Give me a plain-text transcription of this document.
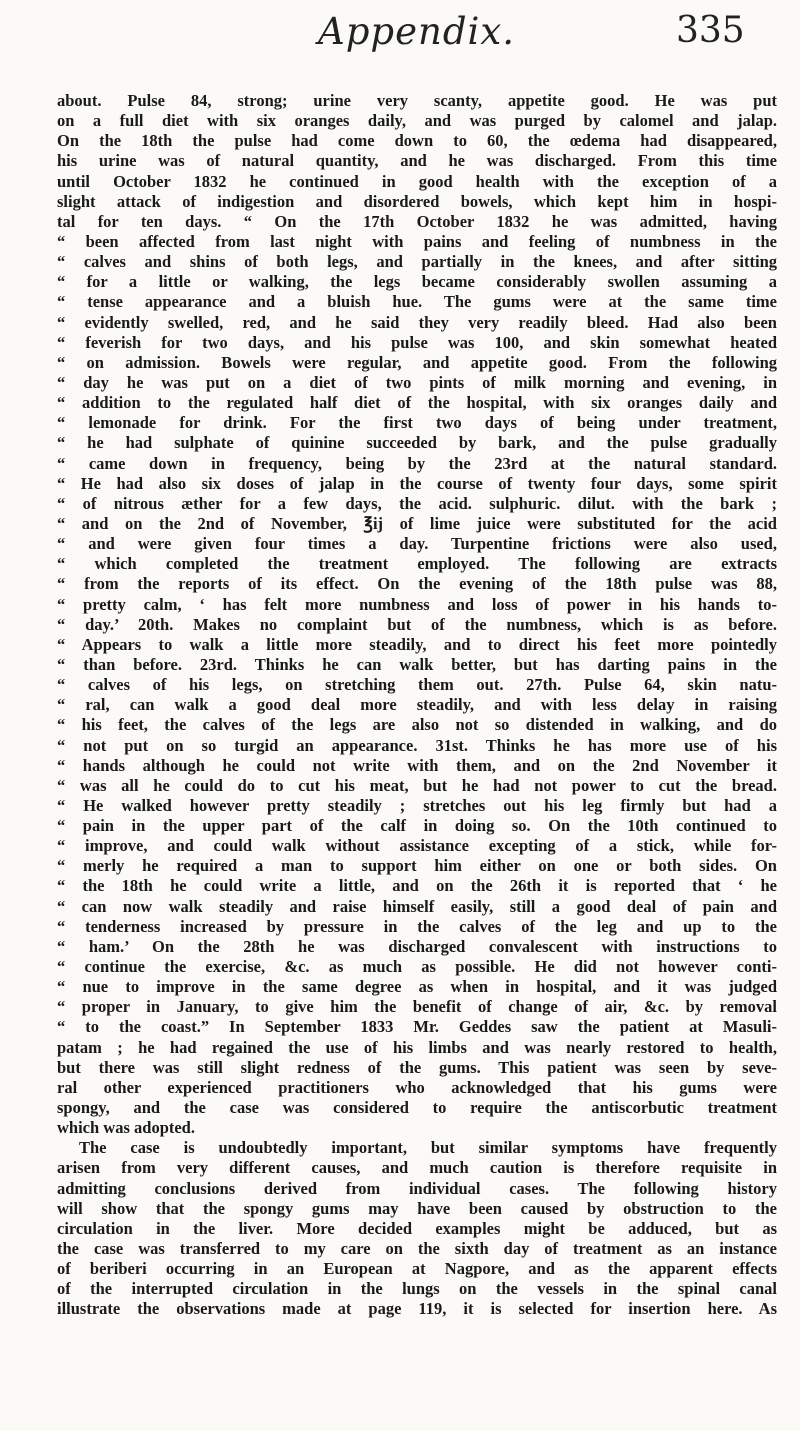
Appendix.	335
about. Pulse 84, strong; urine very scanty, appetite good. He was put
on a full diet with six oranges daily, and was purged by calomel and jalap.
On the 18th the pulse had come down to 60, the œdema had disappeared,
his urine was of natural quantity, and he was discharged. From this time
until October 1832 he continued in good health with the exception of a
slight attack of indigestion and disordered bowels, which kept him in hospi-
tal for ten days. “ On the 17th October 1832 he was admitted, having
“ been affected from last night with pains and feeling of numbness in the
“ calves and shins of both legs, and partially in the knees, and after sitting
“ for a little or walking, the legs became considerably swollen assuming a
“ tense appearance and a bluish hue. The gums were at the same time
“ evidently swelled, red, and he said they very readily bleed. Had also been
“ feverish for two days, and his pulse was 100, and skin somewhat heated
“ on admission. Bowels were regular, and appetite good. From the following
“ day he was put on a diet of two pints of milk morning and evening, in
“ addition to the regulated half diet of the hospital, with six oranges daily and
“ lemonade for drink. For the first two days of being under treatment,
“ he had sulphate of quinine succeeded by bark, and the pulse gradually
“ came down in frequency, being by the 23rd at the natural standard.
“ He had also six doses of jalap in the course of twenty four days, some spirit
“ of nitrous æther for a few days, the acid. sulphuric. dilut. with the bark ;
“ and on the 2nd of November, ℥ij of lime juice were substituted for the acid
“ and were given four times a day. Turpentine frictions were also used,
“ which completed the treatment employed. The following are extracts
“ from the reports of its effect. On the evening of the 18th pulse was 88,
“ pretty calm, ‘ has felt more numbness and loss of power in his hands to-
“ day.’ 20th. Makes no complaint but of the numbness, which is as before.
“ Appears to walk a little more steadily, and to direct his feet more pointedly
“ than before. 23rd. Thinks he can walk better, but has darting pains in the
“ calves of his legs, on stretching them out. 27th. Pulse 64, skin natu-
“ ral, can walk a good deal more steadily, and with less delay in raising
“ his feet, the calves of the legs are also not so distended in walking, and do
“ not put on so turgid an appearance. 31st. Thinks he has more use of his
“ hands although he could not write with them, and on the 2nd November it
“ was all he could do to cut his meat, but he had not power to cut the bread.
“ He walked however pretty steadily ; stretches out his leg firmly but had a
“ pain in the upper part of the calf in doing so. On the 10th continued to
“ improve, and could walk without assistance excepting of a stick, while for-
“ merly he required a man to support him either on one or both sides. On
“ the 18th he could write a little, and on the 26th it is reported that ‘ he
“ can now walk steadily and raise himself easily, still a good deal of pain and
“ tenderness increased by pressure in the calves of the leg and up to the
“ ham.’ On the 28th he was discharged convalescent with instructions to
“ continue the exercise, &c. as much as possible. He did not however conti-
“ nue to improve in the same degree as when in hospital, and it was judged
“ proper in January, to give him the benefit of change of air, &c. by removal
“ to the coast.” In September 1833 Mr. Geddes saw the patient at Masuli-
patam ; he had regained the use of his limbs and was nearly restored to health,
but there was still slight redness of the gums. This patient was seen by seve-
ral other experienced practitioners who acknowledged that his gums were
spongy, and the case was considered to require the antiscorbutic treatment
which was adopted.
The case is undoubtedly important, but similar symptoms have frequently
arisen from very different causes, and much caution is therefore requisite in
admitting conclusions derived from individual cases. The following history
will show that the spongy gums may have been caused by obstruction to the
circulation in the liver. More decided examples might be adduced, but as
the case was transferred to my care on the sixth day of treatment as an instance
of beriberi occurring in an European at Nagpore, and as the apparent effects
of the interrupted circulation in the lungs on the vessels in the spinal canal
illustrate the observations made at page 119, it is selected for insertion here. As
